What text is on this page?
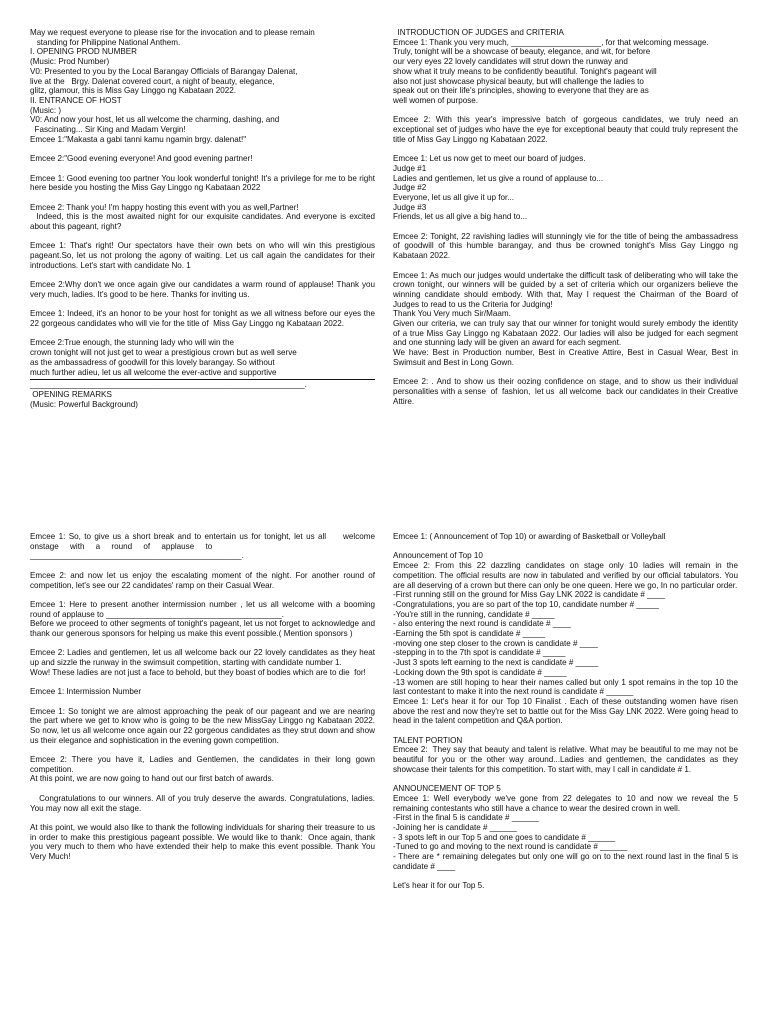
May we request everyone to please rise for the invocation and to please remain
standing for Philippine National Anthem.
I. OPENING PROD NUMBER
(Music: Prod Number)
V0: Presented to you by the Local Barangay Officials of Barangay Dalenat,
live at the   Brgy. Dalenat covered court, a night of beauty, elegance,
glitz, glamour, this is Miss Gay Linggo ng Kabataan 2022.
II. ENTRANCE OF HOST
(Music: )
V0: And now your host, let us all welcome the charming, dashing, and
Fascinating... Sir King and Madam Vergin!
Emcee 1:"Makasta a gabi tanni kamu ngamin brgy. dalenat!"

Emcee 2:"Good evening everyone! And good evening partner!

Emcee 1: Good evening too partner You look wonderful tonight! It's a privilege for me to be right here beside you hosting the Miss Gay Linggo ng Kabataan 2022

Emcee 2: Thank you! I'm happy hosting this event with you as well,Partner!
Indeed, this is the most awaited night for our exquisite candidates. And everyone is excited about this pageant, right?

Emcee 1: That's right! Our spectators have their own bets on who will win this prestigious pageant.So, let us not prolong the agony of waiting. Let us call again the candidates for their introductions. Let's start with candidate No. 1

Emcee 2:Why don't we once again give our candidates a warm round of applause! Thank you very much, ladies. It's good to be here. Thanks for inviting us.

Emcee 1: Indeed, it's an honor to be your host for tonight as we all witness before our eyes the 22 gorgeous candidates who will vie for the title of  Miss Gay Linggo ng Kabataan 2022.

Emcee 2:True enough, the stunning lady who will win the
crown tonight will not just get to wear a prestigious crown but as well serve
as the ambassadress of goodwill for this lovely barangay. So without
much further adieu, let us all welcome the ever-active and supportive

_____________________________________________________________.
OPENING REMARKS
(Music: Powerful Background)

INTRODUCTION OF JUDGES and CRITERIA
Emcee 1: Thank you very much, ____________________, for that welcoming message.
Truly, tonight will be a showcase of beauty, elegance, and wit, for before
our very eyes 22 lovely candidates will strut down the runway and
show what it truly means to be confidently beautiful. Tonight's pageant will
also not just showcase physical beauty, but will challenge the ladies to
speak out on their life's principles, showing to everyone that they are as
well women of purpose.

Emcee 2: With this year's impressive batch of gorgeous candidates, we truly need an exceptional set of judges who have the eye for exceptional beauty that could truly represent the title of Miss Gay Linggo ng Kabataan 2022.

Emcee 1: Let us now get to meet our board of judges.
Judge #1
Ladies and gentlemen, let us give a round of applause to...
Judge #2
Everyone, let us all give it up for...
Judge #3
Friends, let us all give a big hand to...

Emcee 2: Tonight, 22 ravishing ladies will stunningly vie for the title of being the ambassadress of goodwill of this humble barangay, and thus be crowned tonight's Miss Gay Linggo ng Kabataan 2022.

Emcee 1: As much our judges would undertake the difficult task of deliberating who will take the crown tonight, our winners will be guided by a set of criteria which our organizers believe the winning candidate should embody. With that, May I request the Chairman of the Board of Judges to read to us the Criteria for Judging!
Thank You Very much Sir/Maam.
Given our criteria, we can truly say that our winner for tonight would surely embody the identity of a true Miss Gay Linggo ng Kabataan 2022. Our ladies will also be judged for each segment and one stunning lady will be given an award for each segment.
We have: Best in Production number, Best in Creative Attire, Best in Casual Wear, Best in Swimsuit and Best in Long Gown.

Emcee 2: . And to show us their oozing confidence on stage, and to show us their individual personalities with a sense  of  fashion,  let us  all welcome  back our candidates in their Creative Attire.

Emcee 1: So, to give us a short break and to entertain us for tonight, let us all     welcome     onstage     with     a     round     of     applause     to
_______________________________________________.

Emcee 2: and now let us enjoy the escalating moment of the night. For another round of competition, let's see our 22 candidates' ramp on their Casual Wear.

Emcee 1: Here to present another intermission number , let us all welcome with a booming round of applause to _______________________________________.
Before we proceed to other segments of tonight's pageant, let us not forget to acknowledge and thank our generous sponsors for helping us make this event possible.( Mention sponsors )

Emcee 2: Ladies and gentlemen, let us all welcome back our 22 lovely candidates as they heat up and sizzle the runway in the swimsuit competition, starting with candidate number 1.
Wow! These ladies are not just a face to behold, but they boast of bodies which are to die  for!

Emcee 1: Intermission Number

Emcee 1: So tonight we are almost approaching the peak of our pageant and we are nearing the part where we get to know who is going to be the new MissGay Linggo ng Kabataan 2022. So now, let us all welcome once again our 22 gorgeous candidates as they strut down and show us their elegance and sophistication in the evening gown competition.

Emcee 2: There you have it, Ladies and Gentlemen, the candidates in their long gown competition.
At this point, we are now going to hand out our first batch of awards.

Congratulations to our winners. All of you truly deserve the awards. Congratulations, ladies. You may now all exit the stage.

At this point, we would also like to thank the following individuals for sharing their treasure to us in order to make this prestigious pageant possible. We would like to thank:  Once again, thank you very much to them who have extended their help to make this event possible. Thank You Very Much!

Emcee 1: ( Announcement of Top 10) or awarding of Basketball or Volleyball

Announcement of Top 10
Emcee 2: From this 22 dazzling candidates on stage only 10 ladies will remain in the competition. The official results are now in tabulated and verified by our official tabulators. You are all deserving of a crown but there can only be one queen. Here we go, In no particular order.
-First running still on the ground for Miss Gay LNK 2022 is candidate # ____
-Congratulations, you are so part of the top 10, candidate number # _____
-You're still in the running, candidate # _____
- also entering the next round is candidate # ____
-Earning the 5th spot is candidate # _____
-moving one step closer to the crown is candidate # ____
-stepping in to the 7th spot is candidate # _____
-Just 3 spots left earning to the next is candidate # _____
-Locking down the 9th spot is candidate # _____
-13 women are still hoping to hear their names called but only 1 spot remains in the top 10 the last contestant to make it into the next round is candidate # ______
Emcee 1: Let's hear it for our Top 10 Finalist . Each of these outstanding women have risen above the rest and now they're set to battle out for the Miss Gay LNK 2022. Were going head to head in the talent competition and Q&A portion.

TALENT PORTION
Emcee 2:  They say that beauty and talent is relative. What may be beautiful to me may not be beautiful for you or the other way around...Ladies and gentlemen, the candidates as they showcase their talents for this competition. To start with, may I call in candidate # 1.

ANNOUNCEMENT OF TOP 5
Emcee 1: Well everybody we've gone from 22 delegates to 10 and now we reveal the 5 remaining contestants who still have a chance to wear the desired crown in well.
-First in the final 5 is candidate # ______
-Joining her is candidate # ______
- 3 spots left in our Top 5 and one goes to candidate # ______
-Tuned to go and moving to the next round is candidate # ______
- There are * remaining delegates but only one will go on to the next round last in the final 5 is candidate # ____

Let's hear it for our Top 5.
